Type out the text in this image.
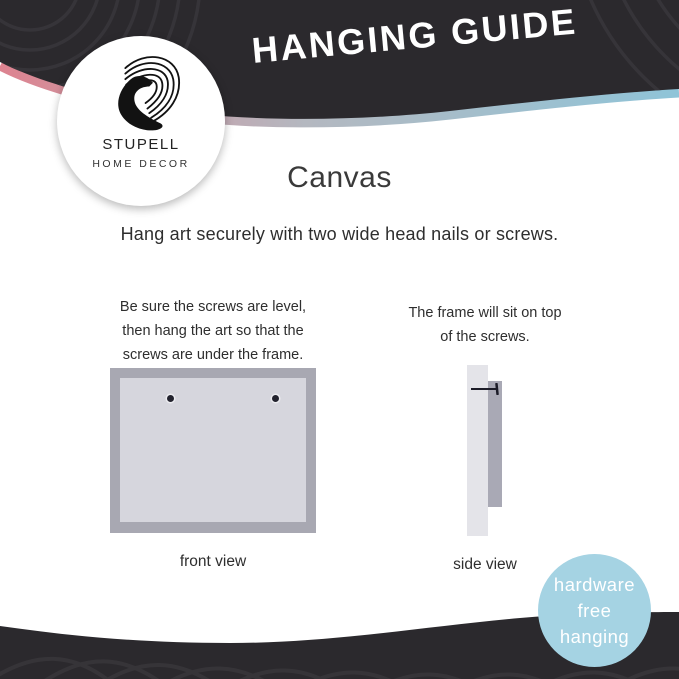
HANGING GUIDE
STUPELL
HOME DECOR	Canvas
Hang art securely with two wide head nails or screws.
Be sure the screws are level,
then hang the art so that the
screws are under the frame.
The frame will sit on top
of the screws.
front view	side view
hardware
free
hanging
